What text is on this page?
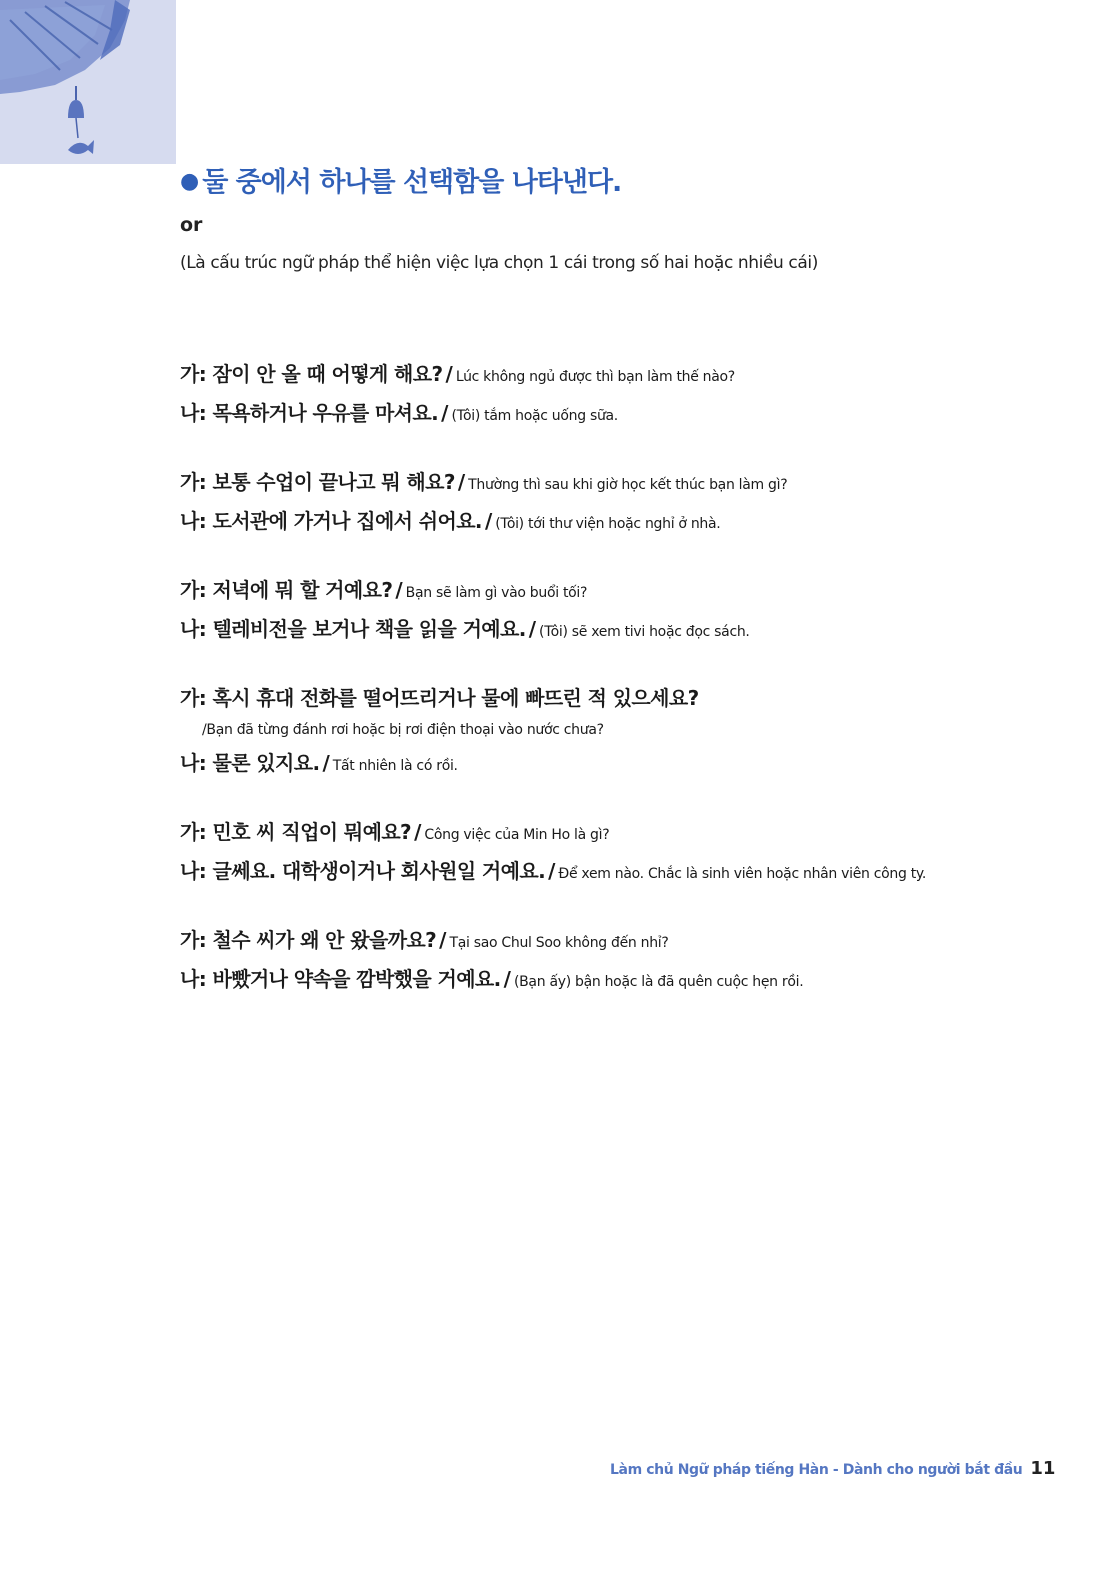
● 둘 중에서 하나를 선택함을 나타낸다.
or
(Là cấu trúc ngữ pháp thể hiện việc lựa chọn 1 cái trong số hai hoặc nhiều cái)
가: 잠이 안 올 때 어떻게 해요? / Lúc không ngủ được thì bạn làm thế nào?
나: 목욕하거나 우유를 마셔요. / (Tôi) tắm hoặc uống sữa.
가: 보통 수업이 끝나고 뭐 해요? / Thường thì sau khi giờ học kết thúc bạn làm gì?
나: 도서관에 가거나 집에서 쉬어요. / (Tôi) tới thư viện hoặc nghỉ ở nhà.
가: 저녁에 뭐 할 거예요? / Bạn sẽ làm gì vào buổi tối?
나: 텔레비전을 보거나 책을 읽을 거예요. / (Tôi) sẽ xem tivi hoặc đọc sách.
가: 혹시 휴대 전화를 떨어뜨리거나 물에 빠뜨린 적 있으세요?
/Bạn đã từng đánh rơi hoặc bị rơi điện thoại vào nước chưa?
나: 물론 있지요. / Tất nhiên là có rồi.
가: 민호 씨 직업이 뭐예요? / Công việc của Min Ho là gì?
나: 글쎄요. 대학생이거나 회사원일 거예요. / Để xem nào. Chắc là sinh viên hoặc nhân viên công ty.
가: 철수 씨가 왜 안 왔을까요? / Tại sao Chul Soo không đến nhỉ?
나: 바빴거나 약속을 깜박했을 거예요. / (Bạn ấy) bận hoặc là đã quên cuộc hẹn rồi.
Làm chủ Ngữ pháp tiếng Hàn - Dành cho người bắt đầu 11
